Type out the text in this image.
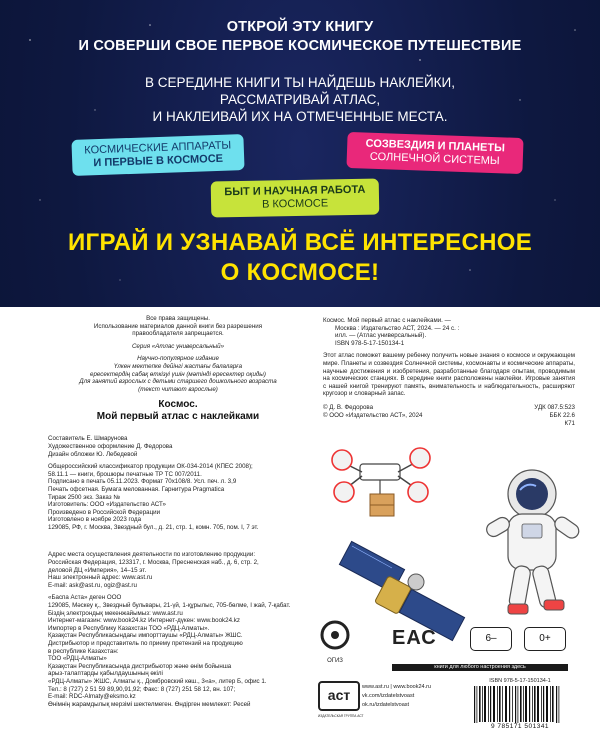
ОТКРОЙ ЭТУ КНИГУ
И СОВЕРШИ СВОЕ ПЕРВОЕ КОСМИЧЕСКОЕ ПУТЕШЕСТВИЕ

В СЕРЕДИНЕ КНИГИ ТЫ НАЙДЕШЬ НАКЛЕЙКИ,
РАССМАТРИВАЙ АТЛАС,
И НАКЛЕИВАЙ ИХ НА ОТМЕЧЕННЫЕ МЕСТА.

КОСМИЧЕСКИЕ АППАРАТЫ
И ПЕРВЫЕ В КОСМОСЕ
СОЗВЕЗДИЯ И ПЛАНЕТЫ
СОЛНЕЧНОЙ СИСТЕМЫ
БЫТ И НАУЧНАЯ РАБОТА
В КОСМОСЕ

ИГРАЙ И УЗНАВАЙ ВСЁ ИНТЕРЕСНОЕ
О КОСМОСЕ!

Все права защищены.

Использование материалов данной книги без разрешения

правообладателя запрещается.

Серия «Атлас универсальный»

Научно-популярное издание

Үлкен мектепке дейінгі жастағы балаларға

ересектердің сабақ өткізуі үшін (мәтінді ересектер оқиды)

Для занятий взрослых с детьми старшего дошкольного возраста

(текст читают взрослые)

Космос.
Мой первый атлас с наклейками

Составитель Е. Шмарунова

Художественное оформление Д. Федорова

Дизайн обложки Ю. Лебедевой

Общероссийский классификатор продукции ОК-034-2014 (КПЕС 2008);

58.11.1 — книги, брошюры печатные ТР ТС 007/2011.

Подписано в печать 05.11.2023. Формат 70x108/8. Усл. печ. л. 3,9

Печать офсетная. Бумага мелованная. Гарнитура Pragmatica

Тираж 2500 экз. Заказ №

Изготовитель: ООО «Издательство АСТ»

Произведено в Российской Федерации

Изготовлено в ноябре 2023 года

129085, РФ, г. Москва, Звездный бул., д. 21, стр. 1, комн. 705, пом. I, 7 эт.

Адрес места осуществления деятельности по изготовлению продукции:

Российская Федерация, 123317, г. Москва, Пресненская наб., д. 6, стр. 2,

деловой ДЦ «Империя», 14–15 эт.

Наш электронный адрес: www.ast.ru

E-mail: ask@ast.ru, ogiz@ast.ru

«Баспа Аста» деген ООО

129085, Мәскеу қ., Звездный бульвары, 21-үй, 1-құрылыс, 705-бөлме, I жай, 7-қабат.

Біздің электрондық мекенжайымыз: www.ast.ru

Интернет-магазин: www.book24.kz Интернет-дүкен: www.book24.kz

Импортер в Республику Казахстан ТОО «РДЦ-Алматы».

Қазақстан Республикасындағы импорттаушы «РДЦ-Алматы» ЖШС.

Дистрибьютор и представитель по приему претензий на продукцию

в республике Казахстан:

ТОО «РДЦ-Алматы»

Қазақстан Республикасында дистрибьютор және өнім бойынша

арыз-талаптарды қабылдаушының өкілі

«РДЦ-Алматы» ЖШС, Алматы қ., Домбровский көш., 3«а», литер Б, офис 1.

Тел.: 8 (727) 2 51 59 89,90,91,92; Факс: 8 (727) 251 58 12, вн. 107;

E-mail: RDC-Almaty@eksmo.kz

Өнімнің жарамдылық мерзімі шектелмеген. Өндірген мемлекет: Ресей

Космос. Мой первый атлас с наклейками. —

Москва : Издательство АСТ, 2024. — 24 с. :

илл. — (Атлас универсальный).

ISBN 978-5-17-150134-1

Этот атлас поможет вашему ребенку получить новые знания о космосе и окружающем мире. Планеты и созвездия Солнечной системы, космонавты и космические аппараты, научные достижения и изобретения, разработанные благодаря опытам, проводимым на космических станциях. В середине книги расположены наклейки. Игровые занятия с нашей книгой тренируют память, внимательность и наблюдательность, расширяют кругозор и словарный запас.

© Д. В. Федорова

© ООО «Издательство АСТ», 2024

УДК 087.5:523

ББК 22.6

К71

ОГИЗ
ЕАС	6–	0+
книги для любого настроения здесь
аст
ИЗДАТЕЛЬСКАЯ ГРУППА АСТ

www.ast.ru | www.book24.ru

vk.com/izdatelstvoast

ok.ru/izdatelstvoast

ISBN 978-5-17-150134-1
9 785171 501341
